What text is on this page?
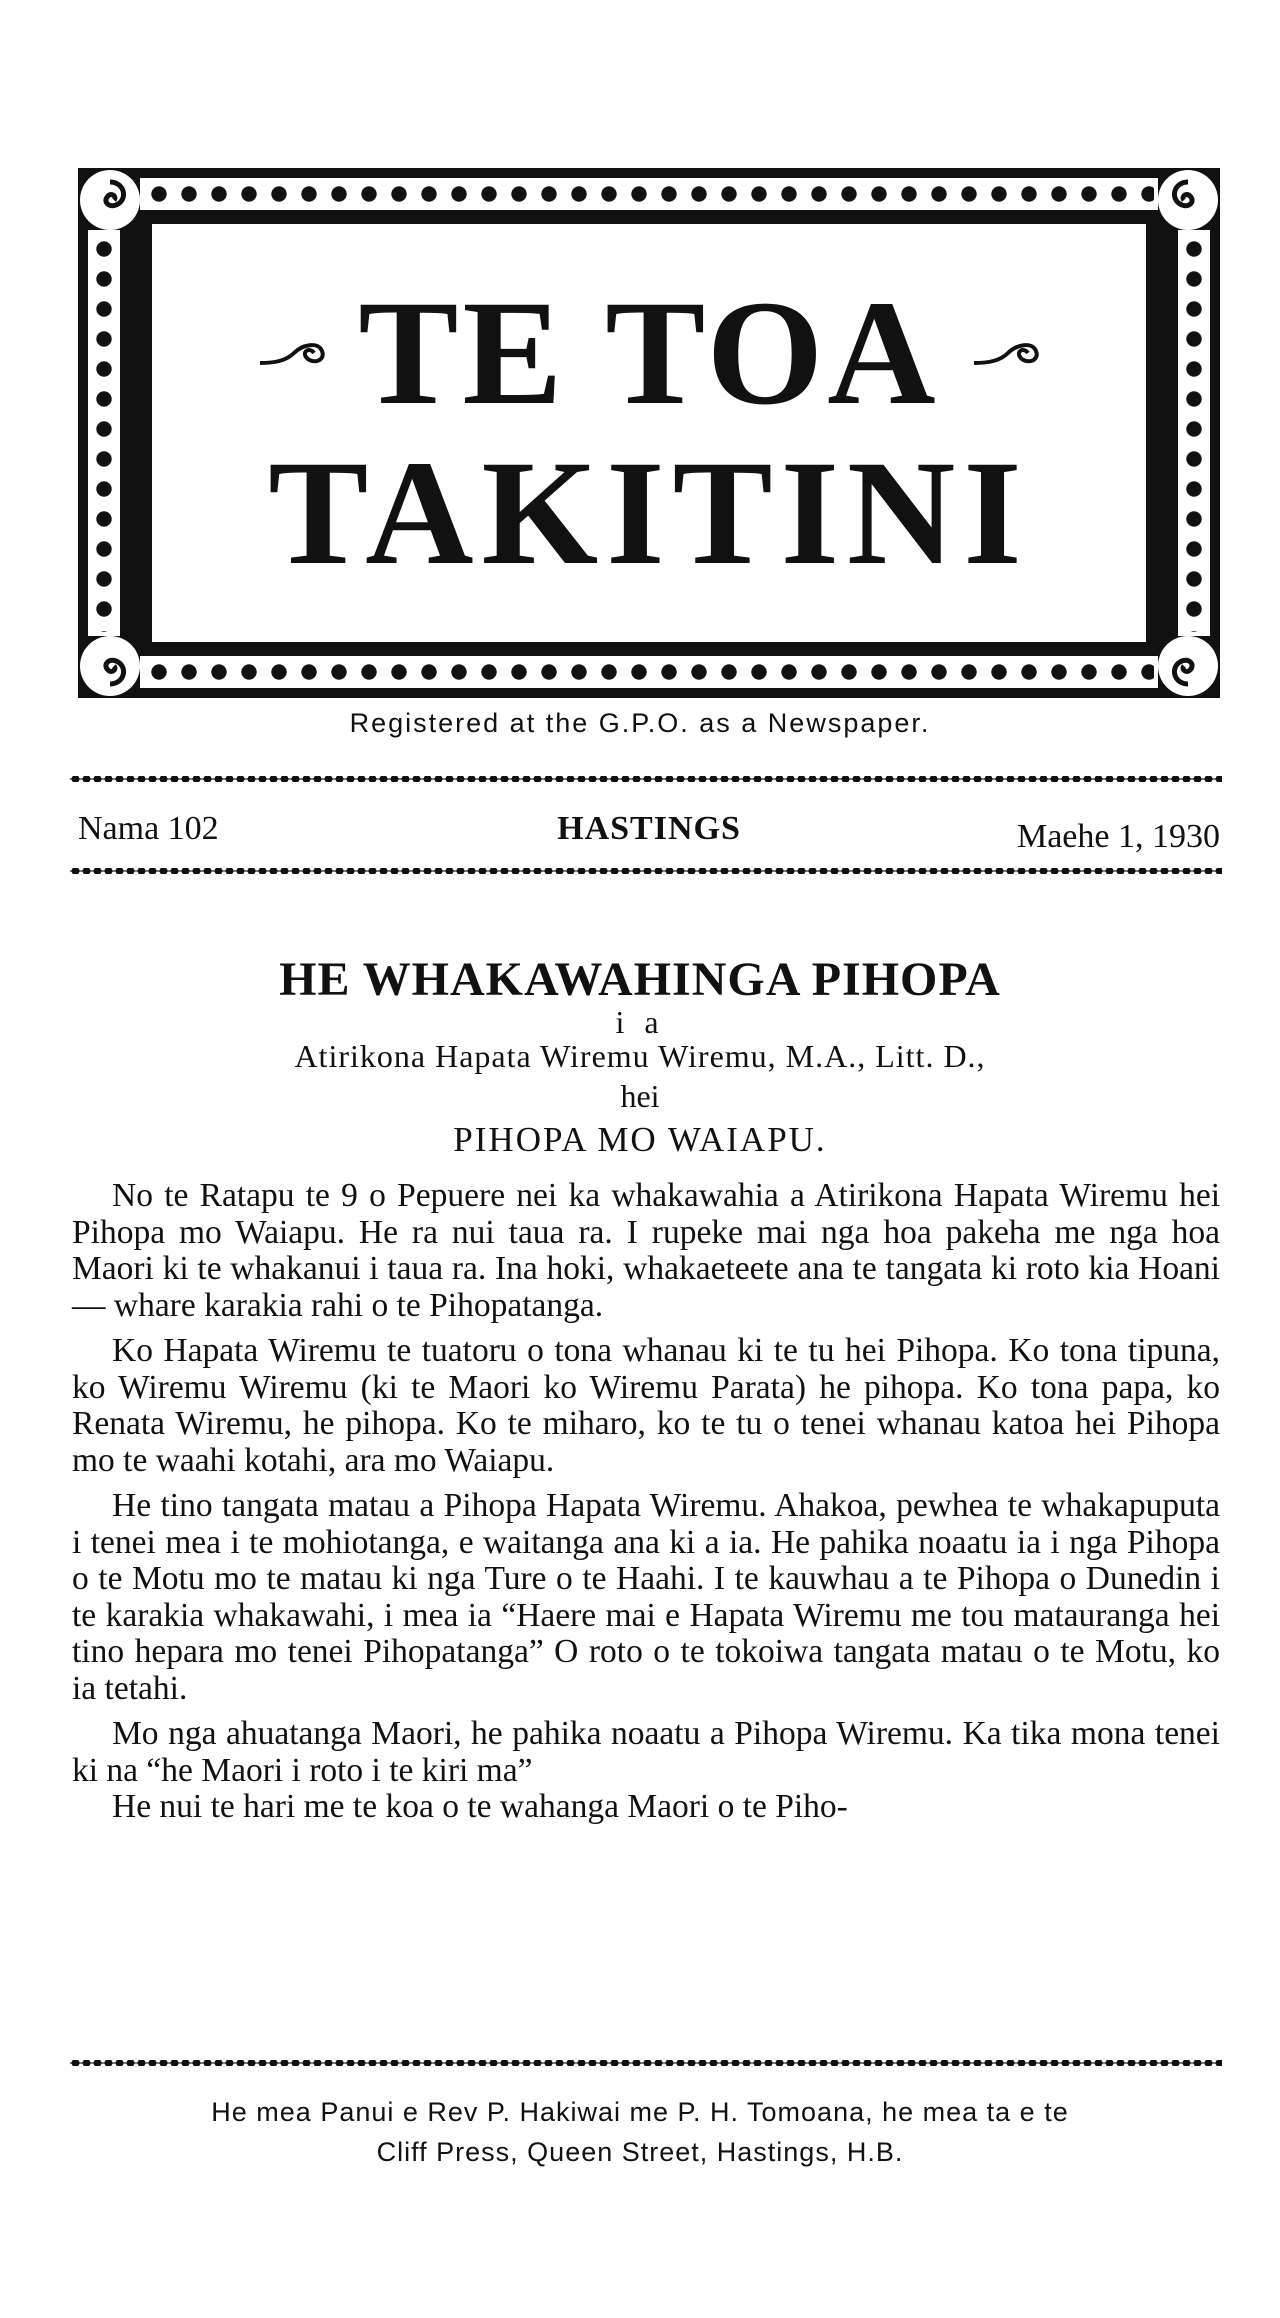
TE TOA
TAKITINI
Registered at the G.P.O. as a Newspaper.
Nama 102	HASTINGS	Maehe 1, 1930
HE WHAKAWAHINGA PIHOPA
i a
Atirikona Hapata Wiremu Wiremu, M.A., Litt. D.,
hei
PIHOPA MO WAIAPU.

No te Ratapu te 9 o Pepuere nei ka whakawahia a Atirikona Hapata Wiremu hei Pihopa mo Waiapu. He ra nui taua ra. I rupeke mai nga hoa pakeha me nga hoa Maori ki te whakanui i taua ra. Ina hoki, whakaeteete ana te tangata ki roto kia Hoani — whare karakia rahi o te Pihopatanga.

Ko Hapata Wiremu te tuatoru o tona whanau ki te tu hei Pihopa. Ko tona tipuna, ko Wiremu Wiremu (ki te Maori ko Wiremu Parata) he pihopa. Ko tona papa, ko Renata Wiremu, he pihopa. Ko te miharo, ko te tu o tenei whanau katoa hei Pihopa mo te waahi kotahi, ara mo Waiapu.

He tino tangata matau a Pihopa Hapata Wiremu. Ahakoa, pewhea te whakapuputa i tenei mea i te mohiotanga, e waitanga ana ki a ia. He pahika noaatu ia i nga Pihopa o te Motu mo te matau ki nga Ture o te Haahi. I te kauwhau a te Pihopa o Dunedin i te karakia whakawahi, i mea ia “Haere mai e Hapata Wiremu me tou matauranga hei tino hepara mo tenei Pihopatanga” O roto o te tokoiwa tangata matau o te Motu, ko ia tetahi.

Mo nga ahuatanga Maori, he pahika noaatu a Pihopa Wiremu. Ka tika mona tenei ki na “he Maori i roto i te kiri ma”

He nui te hari me te koa o te wahanga Maori o te Piho-

He mea Panui e Rev P. Hakiwai me P. H. Tomoana, he mea ta e te
Cliff Press, Queen Street, Hastings, H.B.
